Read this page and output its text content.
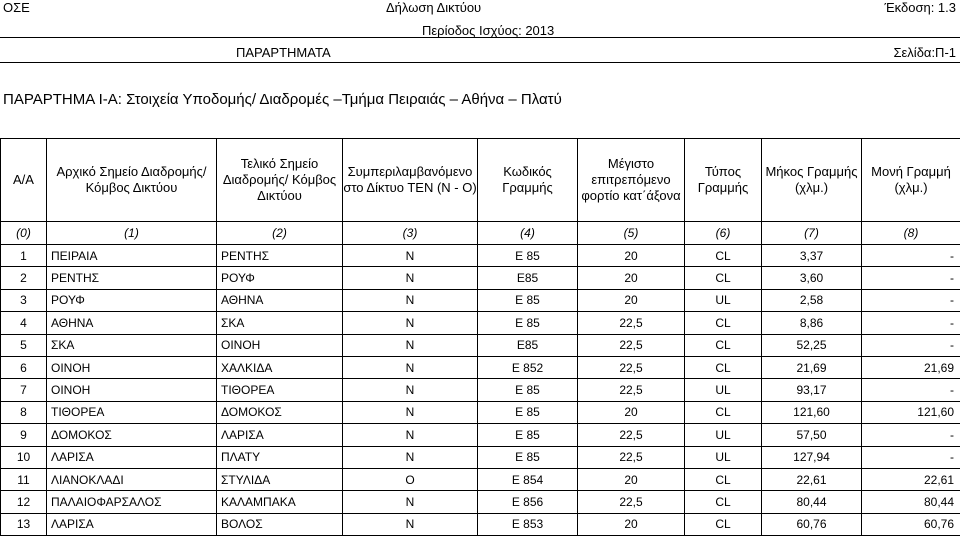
ΟΣΕ	Δήλωση Δικτύου	Έκδοση: 1.3
Περίοδος Ισχύος: 2013
ΠΑΡΑΡΤΗΜΑΤΑ	Σελίδα:Π-1
ΠΑΡΑΡΤΗΜΑ Ι-Α: Στοιχεία Υποδομής/ Διαδρομές –Τμήμα Πειραιάς – Αθήνα – Πλατύ
Α/Α	Αρχικό Σημείο Διαδρομής/ Κόμβος Δικτύου	Τελικό Σημείο Διαδρομής/ Κόμβος Δικτύου	Συμπεριλαμβανόμενο στο Δίκτυο ΤΕΝ (Ν - Ο)	Κωδικός Γραμμής	Μέγιστο επιτρεπόμενο φορτίο κατ΄άξονα	Τύπος Γραμμής	Μήκος Γραμμής (χλμ.)	Μονή Γραμμή (χλμ.)
(0)	(1)	(2)	(3)	(4)	(5)	(6)	(7)	(8)
1	ΠΕΙΡΑΙΑ	ΡΕΝΤΗΣ	Ν	Ε 85	20	CL	3,37	-
2	ΡΕΝΤΗΣ	ΡΟΥΦ	Ν	Ε85	20	CL	3,60	-
3	ΡΟΥΦ	ΑΘΗΝΑ	Ν	Ε 85	20	UL	2,58	-
4	ΑΘΗΝΑ	ΣΚΑ	Ν	Ε 85	22,5	CL	8,86	-
5	ΣΚΑ	ΟΙΝΟΗ	Ν	Ε85	22,5	CL	52,25	-
6	ΟΙΝΟΗ	ΧΑΛΚΙΔΑ	Ν	Ε 852	22,5	CL	21,69	21,69
7	ΟΙΝΟΗ	ΤΙΘΟΡΕΑ	Ν	Ε 85	22,5	UL	93,17	-
8	ΤΙΘΟΡΕΑ	ΔΟΜΟΚΟΣ	Ν	Ε 85	20	CL	121,60	121,60
9	ΔΟΜΟΚΟΣ	ΛΑΡΙΣΑ	Ν	Ε 85	22,5	UL	57,50	-
10	ΛΑΡΙΣΑ	ΠΛΑΤΥ	Ν	Ε 85	22,5	UL	127,94	-
11	ΛΙΑΝΟΚΛΑΔΙ	ΣΤΥΛΙΔΑ	Ο	Ε 854	20	CL	22,61	22,61
12	ΠΑΛΑΙΟΦΑΡΣΑΛΟΣ	ΚΑΛΑΜΠΑΚΑ	Ν	Ε 856	22,5	CL	80,44	80,44
13	ΛΑΡΙΣΑ	ΒΟΛΟΣ	Ν	Ε 853	20	CL	60,76	60,76
